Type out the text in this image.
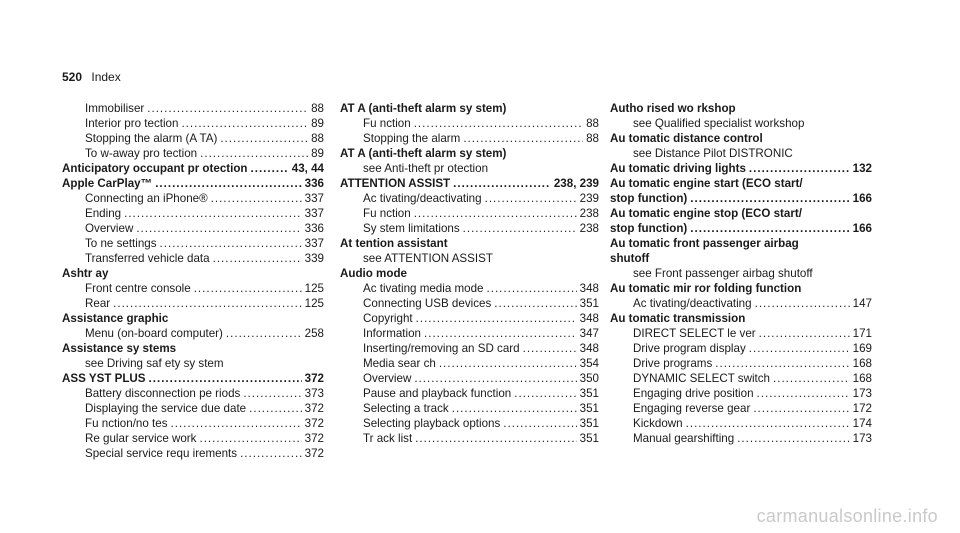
520 Index
Immobiliser .....	88
Interior pro tection .....	89
Stopping the alarm (A TA) .....	88
To w-away pro tection .....	89
Anticipatory occupant pr otection .....	43, 44
Apple CarPlay™ .....	336
Connecting an iPhone® .....	337
Ending .....	337
Overview .....	336
To ne settings .....	337
Transferred vehicle data .....	339
Ashtr ay
Front centre console .....	125
Rear .....	125
Assistance graphic
Menu (on-board computer) .....	258
Assistance sy stems
see Driving saf ety sy stem
ASS YST PLUS .....	372
Battery disconnection pe riods .....	373
Displaying the service due date .....	372
Fu nction/no tes .....	372
Re gular service work .....	372
Special service requ irements .....	372
AT A (anti-theft alarm sy stem)
Fu nction .....	88
Stopping the alarm .....	88
AT A (anti-theft alarm sy stem)
see Anti-theft pr otection
ATTENTION ASSIST .....	238, 239
Ac tivating/deactivating .....	239
Fu nction .....	238
Sy stem limitations .....	238
At tention assistant
see ATTENTION ASSIST
Audio mode
Ac tivating media mode .....	348
Connecting USB devices .....	351
Copyright .....	348
Information .....	347
Inserting/removing an SD card .....	348
Media sear ch .....	354
Overview .....	350
Pause and playback function .....	351
Selecting a track .....	351
Selecting playback options .....	351
Tr ack list .....	351
Autho rised wo rkshop
see Qualified specialist workshop
Au tomatic distance control
see Distance Pilot DISTRONIC
Au tomatic driving lights .....	132
Au tomatic engine start (ECO start/
stop function) .....	166
Au tomatic engine stop (ECO start/
stop function) .....	166
Au tomatic front passenger airbag
shutoff
see Front passenger airbag shutoff
Au tomatic mir ror folding function
Ac tivating/deactivating .....	147
Au tomatic transmission
DIRECT SELECT le ver .....	171
Drive program display .....	169
Drive programs .....	168
DYNAMIC SELECT switch .....	168
Engaging drive position .....	173
Engaging reverse gear .....	172
Kickdown .....	174
Manual gearshifting .....	173
carmanualsonline.info
